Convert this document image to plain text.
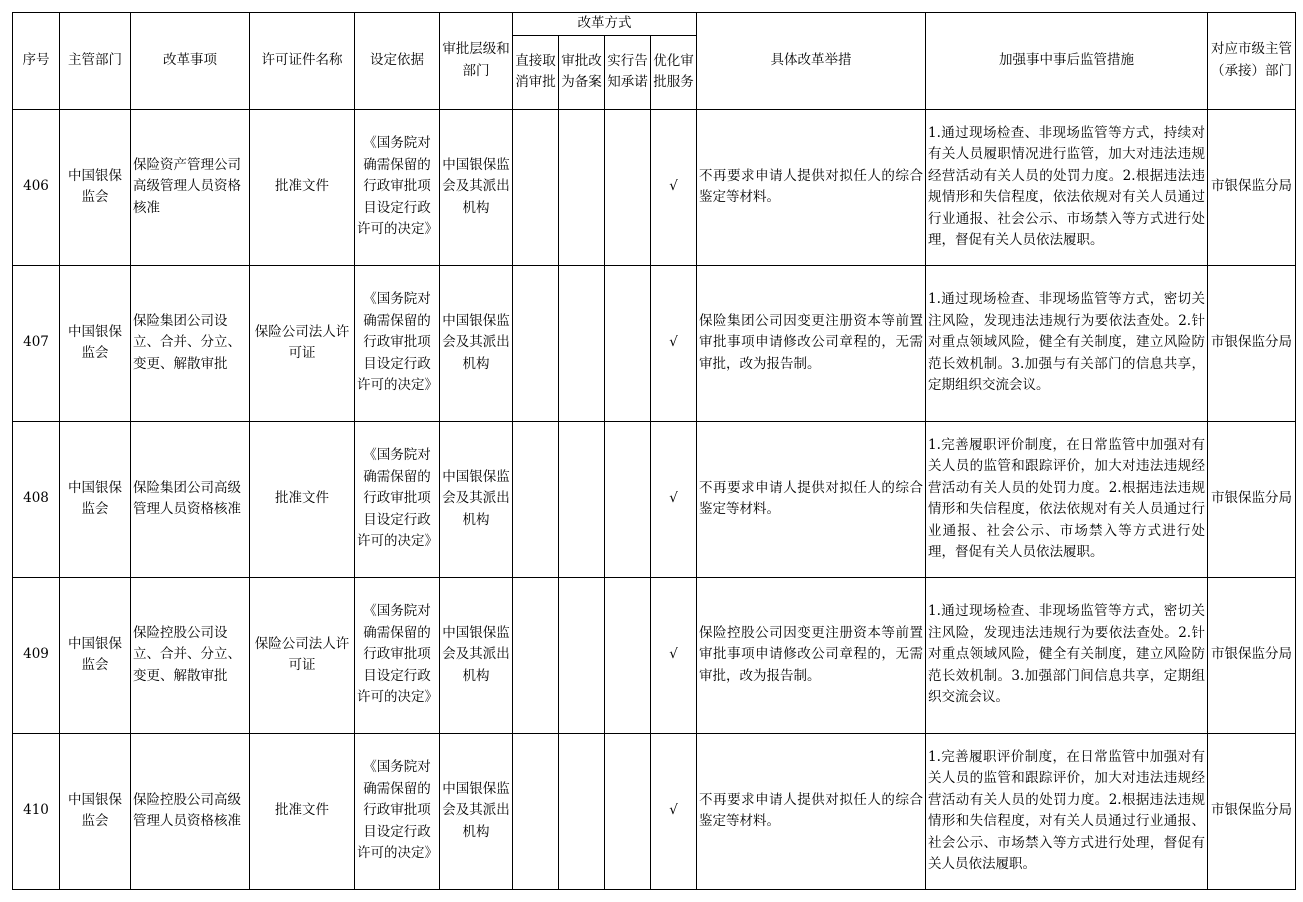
序号	主管部门	改革事项	许可证件名称	设定依据	审批层级和部门	改革方式				具体改革举措	加强事中事后监管措施	对应市级主管（承接）部门
						直接取消审批	审批改为备案	实行告知承诺	优化审批服务			
406	中国银保监会	保险资产管理公司高级管理人员资格核准	批准文件	《国务院对确需保留的行政审批项目设定行政许可的决定》	中国银保监会及其派出机构				√	不再要求申请人提供对拟任人的综合鉴定等材料。	1.通过现场检查、非现场监管等方式，持续对有关人员履职情况进行监管，加大对违法违规经营活动有关人员的处罚力度。2.根据违法违规情形和失信程度，依法依规对有关人员通过行业通报、社会公示、市场禁入等方式进行处理，督促有关人员依法履职。	市银保监分局
407	中国银保监会	保险集团公司设立、合并、分立、变更、解散审批	保险公司法人许可证	《国务院对确需保留的行政审批项目设定行政许可的决定》	中国银保监会及其派出机构				√	保险集团公司因变更注册资本等前置审批事项申请修改公司章程的，无需审批，改为报告制。	1.通过现场检查、非现场监管等方式，密切关注风险，发现违法违规行为要依法查处。2.针对重点领域风险，健全有关制度，建立风险防范长效机制。3.加强与有关部门的信息共享，定期组织交流会议。	市银保监分局
408	中国银保监会	保险集团公司高级管理人员资格核准	批准文件	《国务院对确需保留的行政审批项目设定行政许可的决定》	中国银保监会及其派出机构				√	不再要求申请人提供对拟任人的综合鉴定等材料。	1.完善履职评价制度，在日常监管中加强对有关人员的监管和跟踪评价，加大对违法违规经营活动有关人员的处罚力度。2.根据违法违规情形和失信程度，依法依规对有关人员通过行业通报、社会公示、市场禁入等方式进行处理，督促有关人员依法履职。	市银保监分局
409	中国银保监会	保险控股公司设立、合并、分立、变更、解散审批	保险公司法人许可证	《国务院对确需保留的行政审批项目设定行政许可的决定》	中国银保监会及其派出机构				√	保险控股公司因变更注册资本等前置审批事项申请修改公司章程的，无需审批，改为报告制。	1.通过现场检查、非现场监管等方式，密切关注风险，发现违法违规行为要依法查处。2.针对重点领域风险，健全有关制度，建立风险防范长效机制。3.加强部门间信息共享，定期组织交流会议。	市银保监分局
410	中国银保监会	保险控股公司高级管理人员资格核准	批准文件	《国务院对确需保留的行政审批项目设定行政许可的决定》	中国银保监会及其派出机构				√	不再要求申请人提供对拟任人的综合鉴定等材料。	1.完善履职评价制度，在日常监管中加强对有关人员的监管和跟踪评价，加大对违法违规经营活动有关人员的处罚力度。2.根据违法违规情形和失信程度，对有关人员通过行业通报、社会公示、市场禁入等方式进行处理，督促有关人员依法履职。	市银保监分局
